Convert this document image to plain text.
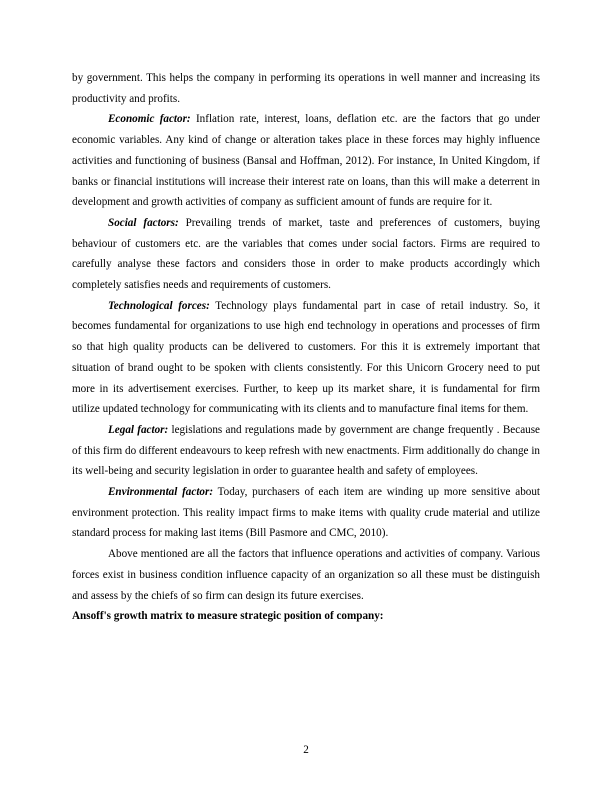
by government. This helps the company in performing its operations in well manner and increasing its productivity and profits.

Economic factor: Inflation rate, interest, loans, deflation etc. are the factors that go under economic variables. Any kind of change or alteration takes place in these forces may highly influence activities and functioning of business (Bansal and Hoffman, 2012). For instance, In United Kingdom, if banks or financial institutions will increase their interest rate on loans, than this will make a deterrent in development and growth activities of company as sufficient amount of funds are require for it.

Social factors: Prevailing trends of market, taste and preferences of customers, buying behaviour of customers etc. are the variables that comes under social factors. Firms are required to carefully analyse these factors and considers those in order to make products accordingly which completely satisfies needs and requirements of customers.

Technological forces: Technology plays fundamental part in case of retail industry. So, it becomes fundamental for organizations to use high end technology in operations and processes of firm so that high quality products can be delivered to customers. For this it is extremely important that situation of brand ought to be spoken with clients consistently. For this Unicorn Grocery need to put more in its advertisement exercises. Further, to keep up its market share, it is fundamental for firm utilize updated technology for communicating with its clients and to manufacture final items for them.

Legal factor: legislations and regulations made by government are change frequently . Because of this firm do different endeavours to keep refresh with new enactments. Firm additionally do change in its well-being and security legislation in order to guarantee health and safety of employees.

Environmental factor: Today, purchasers of each item are winding up more sensitive about environment protection. This reality impact firms to make items with quality crude material and utilize standard process for making last items (Bill Pasmore and CMC, 2010).

Above mentioned are all the factors that influence operations and activities of company. Various forces exist in business condition influence capacity of an organization so all these must be distinguish and assess by the chiefs of so firm can design its future exercises.

Ansoff's growth matrix to measure strategic position of company:

2
